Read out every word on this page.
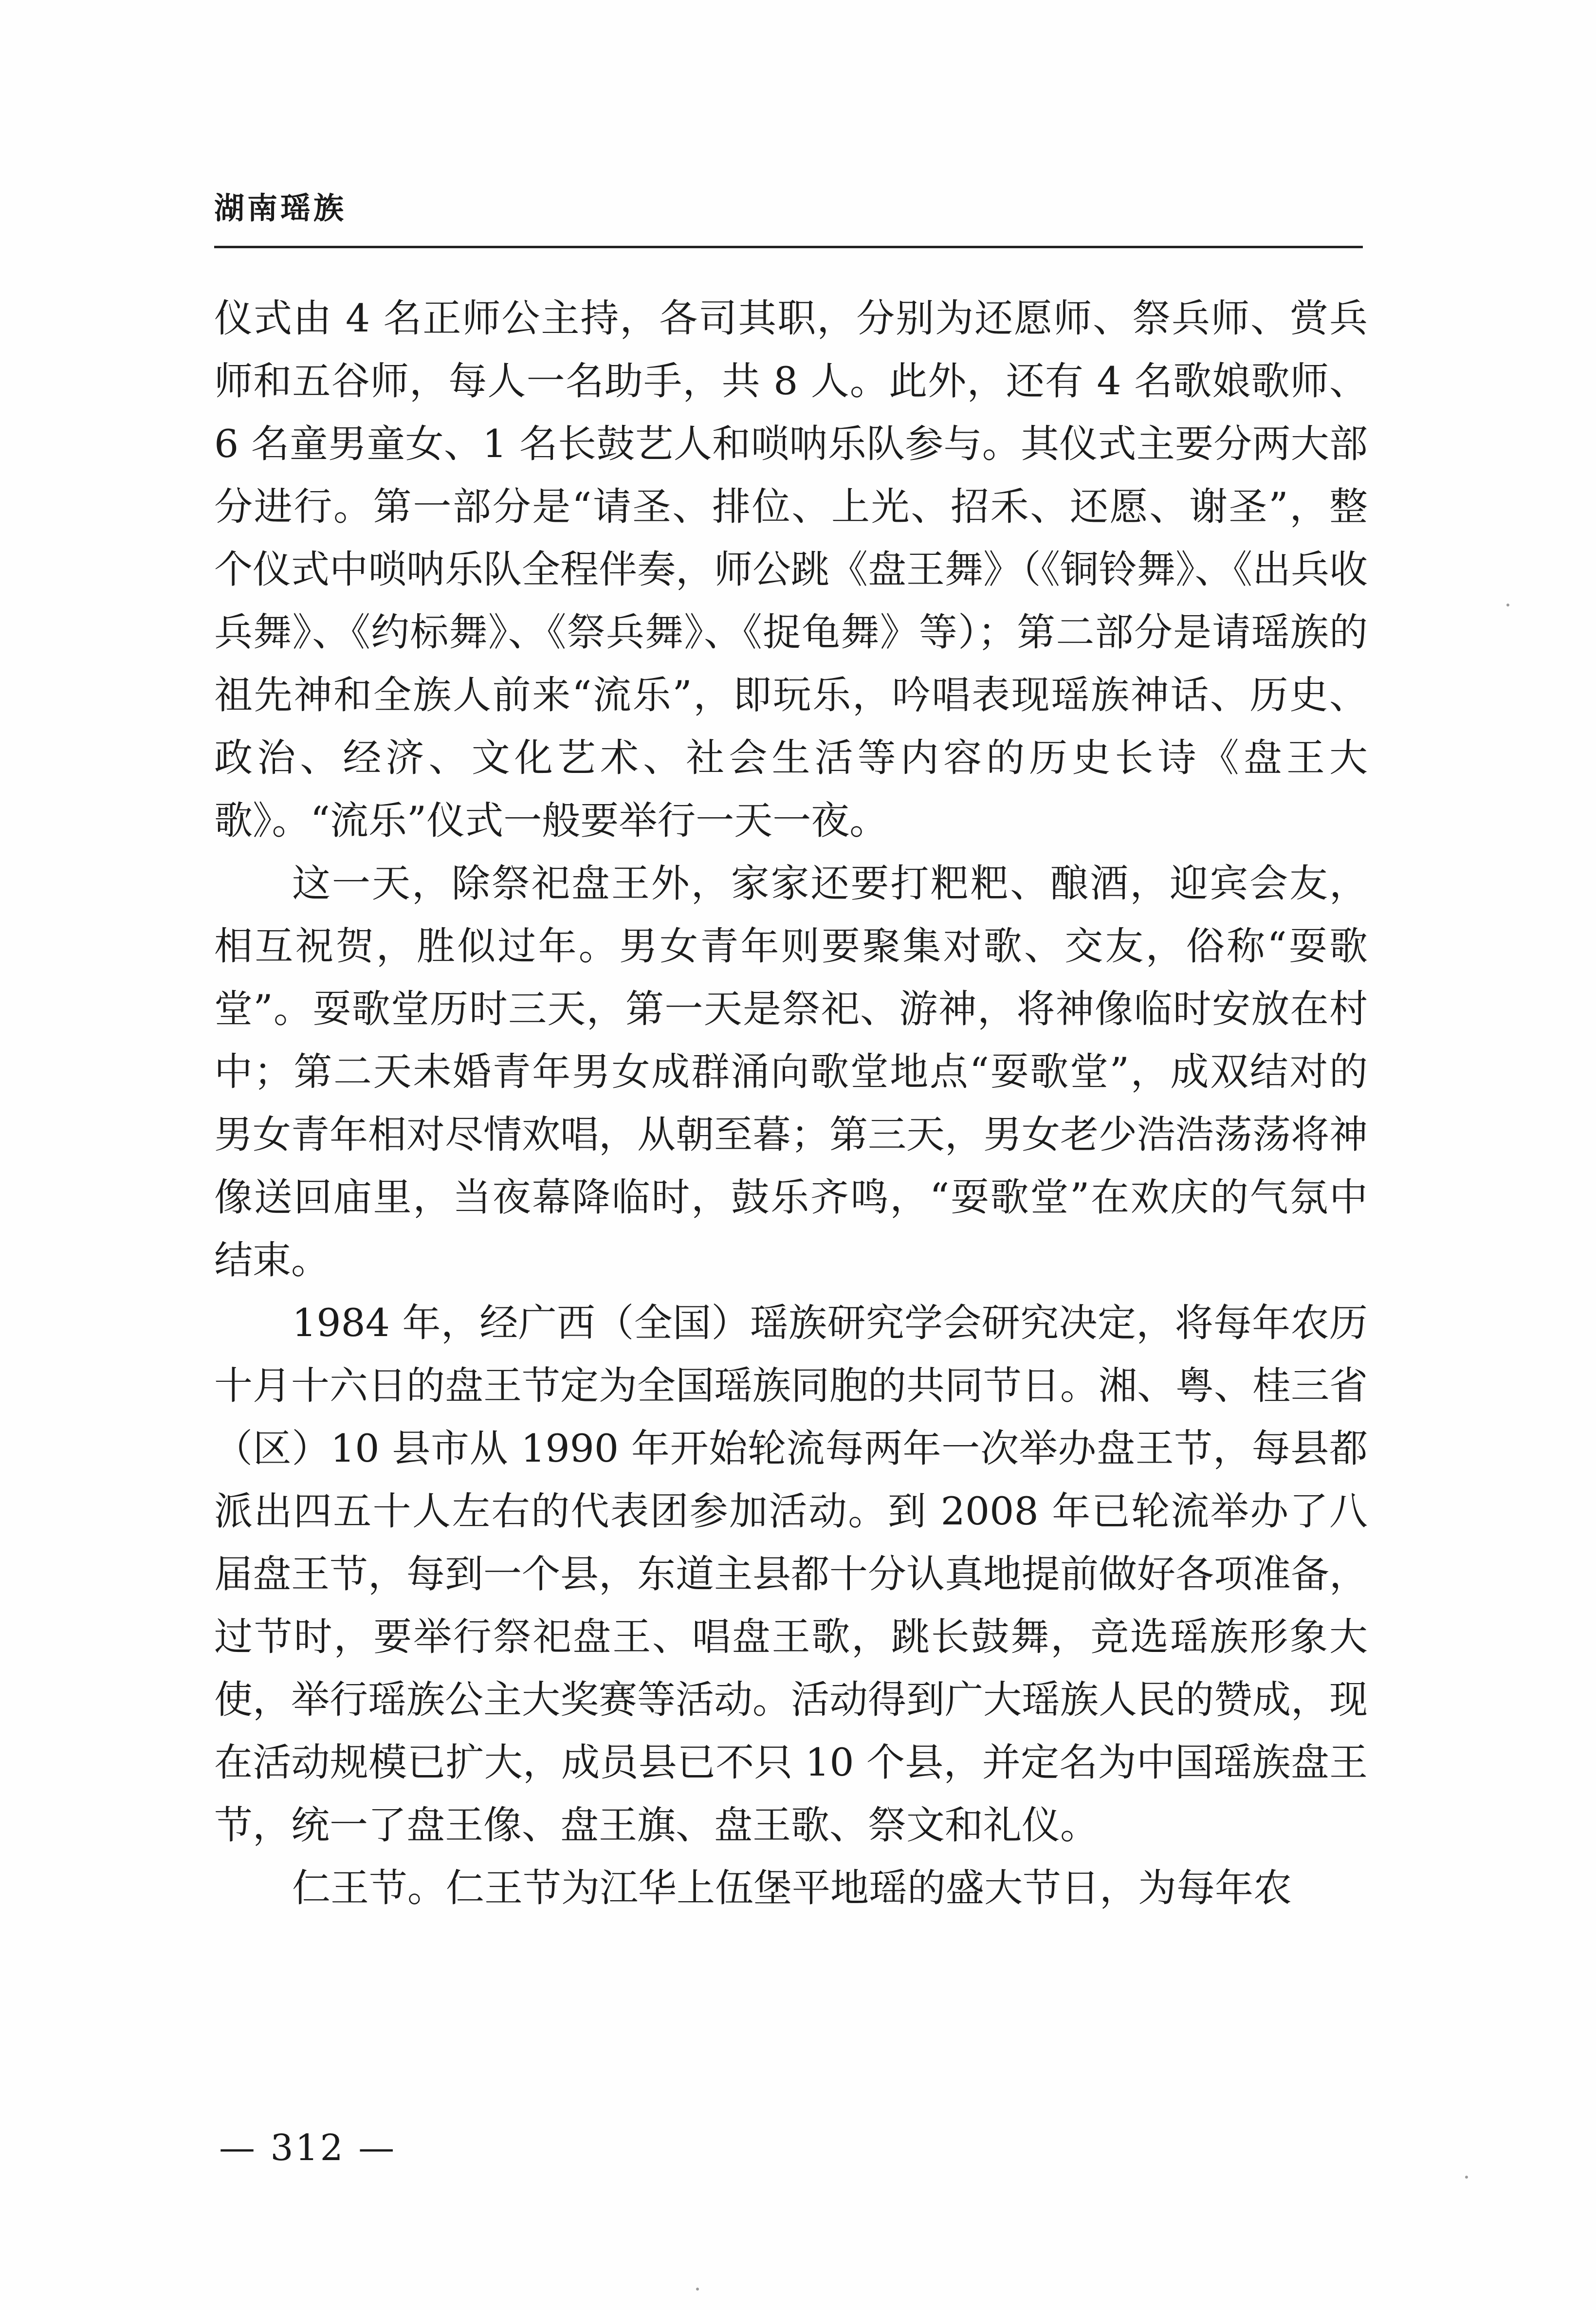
湖南瑶族

仪式由 4 名正师公主持，各司其职，分别为还愿师、祭兵师、赏兵师和五谷师，每人一名助手，共 8 人。此外，还有 4 名歌娘歌师、6 名童男童女、1 名长鼓艺人和唢呐乐队参与。其仪式主要分两大部分进行。第一部分是“请圣、排位、上光、招禾、还愿、谢圣”，整个仪式中唢呐乐队全程伴奏，师公跳《盘王舞》（《铜铃舞》、《出兵收兵舞》、《约标舞》、《祭兵舞》、《捉龟舞》等）；第二部分是请瑶族的祖先神和全族人前来“流乐”，即玩乐，吟唱表现瑶族神话、历史、政治、经济、文化艺术、社会生活等内容的历史长诗《盘王大歌》。“流乐”仪式一般要举行一天一夜。

这一天，除祭祀盘王外，家家还要打粑粑、酿酒，迎宾会友，相互祝贺，胜似过年。男女青年则要聚集对歌、交友，俗称“耍歌堂”。耍歌堂历时三天，第一天是祭祀、游神，将神像临时安放在村中；第二天未婚青年男女成群涌向歌堂地点“耍歌堂”，成双结对的男女青年相对尽情欢唱，从朝至暮；第三天，男女老少浩浩荡荡将神像送回庙里，当夜幕降临时，鼓乐齐鸣，“耍歌堂”在欢庆的气氛中结束。

1984 年，经广西（全国）瑶族研究学会研究决定，将每年农历十月十六日的盘王节定为全国瑶族同胞的共同节日。湘、粤、桂三省（区）10 县市从 1990 年开始轮流每两年一次举办盘王节，每县都派出四五十人左右的代表团参加活动。到 2008 年已轮流举办了八届盘王节，每到一个县，东道主县都十分认真地提前做好各项准备，过节时，要举行祭祀盘王、唱盘王歌，跳长鼓舞，竞选瑶族形象大使，举行瑶族公主大奖赛等活动。活动得到广大瑶族人民的赞成，现在活动规模已扩大，成员县已不只 10 个县，并定名为中国瑶族盘王节，统一了盘王像、盘王旗、盘王歌、祭文和礼仪。

仁王节。仁王节为江华上伍堡平地瑶的盛大节日，为每年农

— 312 —
